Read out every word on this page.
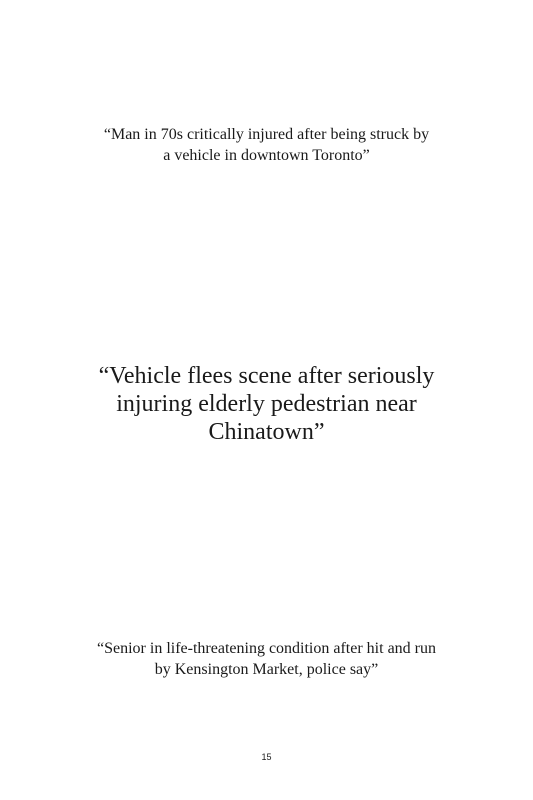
“Man in 70s critically injured after being struck by
a vehicle in downtown Toronto”

“Vehicle flees scene after seriously
injuring elderly pedestrian near
Chinatown”

“Senior in life-threatening condition after hit and run
by Kensington Market, police say”

15
